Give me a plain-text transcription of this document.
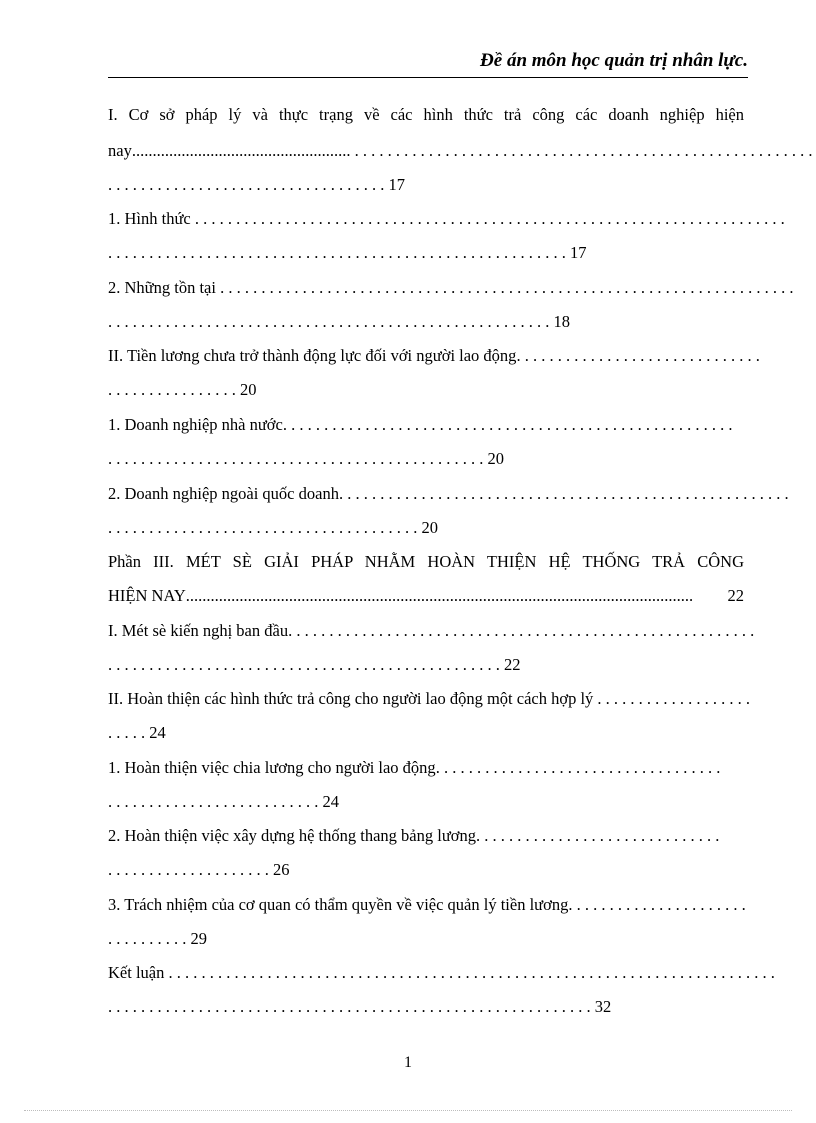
Đề án môn học quản trị nhân lực.
I. Cơ sở pháp lý và thực trạng về các hình thức trả công các doanh nghiệp hiện
nay ..................................................... . . . . . . . . . . . . . . . . . . . . . . . . . . . . . . . . . . . . . . . . . . . . . . . . . . . . . . . .
. . . . . . . . . . . . . . . . . . . . . . . . . . . . . . . . . . 17
1. Hình thức . . . . . . . . . . . . . . . . . . . . . . . . . . . . . . . . . . . . . . . . . . . . . . . . . . . . . . . . . . . . . . . . . . . . . . . .
. . . . . . . . . . . . . . . . . . . . . . . . . . . . . . . . . . . . . . . . . . . . . . . . . . . . . . . . 17
2. Những tồn tại . . . . . . . . . . . . . . . . . . . . . . . . . . . . . . . . . . . . . . . . . . . . . . . . . . . . . . . . . . . . . . . . . . . . . .
. . . . . . . . . . . . . . . . . . . . . . . . . . . . . . . . . . . . . . . . . . . . . . . . . . . . . . 18
II. Tiền lương chưa trở thành động lực đối với người lao động . . . . . . . . . . . . . . . . . . . . . . . . . . . . . .
. . . . . . . . . . . . . . . . 20
1. Doanh nghiệp nhà nước . . . . . . . . . . . . . . . . . . . . . . . . . . . . . . . . . . . . . . . . . . . . . . . . . . . . . . .
. . . . . . . . . . . . . . . . . . . . . . . . . . . . . . . . . . . . . . . . . . . . . . 20
2. Doanh nghiệp ngoài quốc doanh . . . . . . . . . . . . . . . . . . . . . . . . . . . . . . . . . . . . . . . . . . . . . . . . . . . . . . .
. . . . . . . . . . . . . . . . . . . . . . . . . . . . . . . . . . . . . . 20
Phần III. MÉT SÈ GIẢI PHÁP NHẰM HOÀN THIỆN HỆ THỐNG TRẢ CÔNG
HIỆN NAY ...........................................................................................................................	22
I. Mét sè kiến nghị ban đầu . . . . . . . . . . . . . . . . . . . . . . . . . . . . . . . . . . . . . . . . . . . . . . . . . . . . . . . . .
. . . . . . . . . . . . . . . . . . . . . . . . . . . . . . . . . . . . . . . . . . . . . . . . 22
II. Hoàn thiện các hình thức trả công cho người lao động một cách hợp lý . . . . . . . . . . . . . . . . . . .
. . . . . 24
1. Hoàn thiện việc chia lương cho người lao động . . . . . . . . . . . . . . . . . . . . . . . . . . . . . . . . . . .
. . . . . . . . . . . . . . . . . . . . . . . . . . 24
2. Hoàn thiện việc xây dựng hệ thống thang bảng lương . . . . . . . . . . . . . . . . . . . . . . . . . . . . . .
. . . . . . . . . . . . . . . . . . . . 26
3. Trách nhiệm của cơ quan có thẩm quyền về việc quản lý tiền lương . . . . . . . . . . . . . . . . . . . . . .
. . . . . . . . . . 29
Kết luận . . . . . . . . . . . . . . . . . . . . . . . . . . . . . . . . . . . . . . . . . . . . . . . . . . . . . . . . . . . . . . . . . . . . . . . . . .
. . . . . . . . . . . . . . . . . . . . . . . . . . . . . . . . . . . . . . . . . . . . . . . . . . . . . . . . . . . 32
1
